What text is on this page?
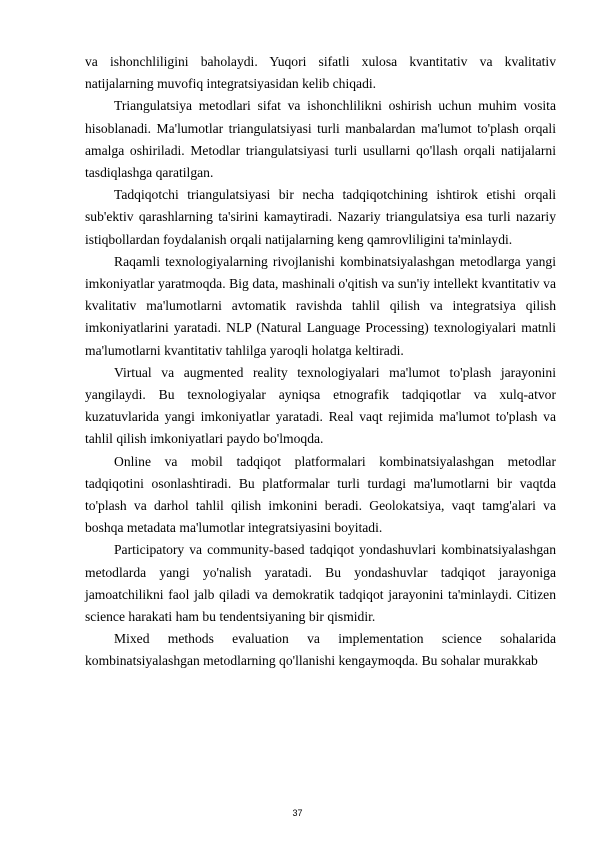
va ishonchliligini baholaydi. Yuqori sifatli xulosa kvantitativ va kvalitativ natijalarning muvofiq integratsiyasidan kelib chiqadi.

Triangulatsiya metodlari sifat va ishonchlilikni oshirish uchun muhim vosita hisoblanadi. Ma'lumotlar triangulatsiyasi turli manbalardan ma'lumot to'plash orqali amalga oshiriladi. Metodlar triangulatsiyasi turli usullarni qo'llash orqali natijalarni tasdiqlashga qaratilgan.

Tadqiqotchi triangulatsiyasi bir necha tadqiqotchining ishtirok etishi orqali sub'ektiv qarashlarning ta'sirini kamaytiradi. Nazariy triangulatsiya esa turli nazariy istiqbollardan foydalanish orqali natijalarning keng qamrovliligini ta'minlaydi.

Raqamli texnologiyalarning rivojlanishi kombinatsiyalashgan metodlarga yangi imkoniyatlar yaratmoqda. Big data, mashinali o'qitish va sun'iy intellekt kvantitativ va kvalitativ ma'lumotlarni avtomatik ravishda tahlil qilish va integratsiya qilish imkoniyatlarini yaratadi. NLP (Natural Language Processing) texnologiyalari matnli ma'lumotlarni kvantitativ tahlilga yaroqli holatga keltiradi.

Virtual va augmented reality texnologiyalari ma'lumot to'plash jarayonini yangilaydi. Bu texnologiyalar ayniqsa etnografik tadqiqotlar va xulq-atvor kuzatuvlarida yangi imkoniyatlar yaratadi. Real vaqt rejimida ma'lumot to'plash va tahlil qilish imkoniyatlari paydo bo'lmoqda.

Online va mobil tadqiqot platformalari kombinatsiyalashgan metodlar tadqiqotini osonlashtiradi. Bu platformalar turli turdagi ma'lumotlarni bir vaqtda to'plash va darhol tahlil qilish imkonini beradi. Geolokatsiya, vaqt tamg'alari va boshqa metadata ma'lumotlar integratsiyasini boyitadi.

Participatory va community-based tadqiqot yondashuvlari kombinatsiyalashgan metodlarda yangi yo'nalish yaratadi. Bu yondashuvlar tadqiqot jarayoniga jamoatchilikni faol jalb qiladi va demokratik tadqiqot jarayonini ta'minlaydi. Citizen science harakati ham bu tendentsiyaning bir qismidir.

Mixed methods evaluation va implementation science sohalarida kombinatsiyalashgan metodlarning qo'llanishi kengaymoqda. Bu sohalar murakkab

37
